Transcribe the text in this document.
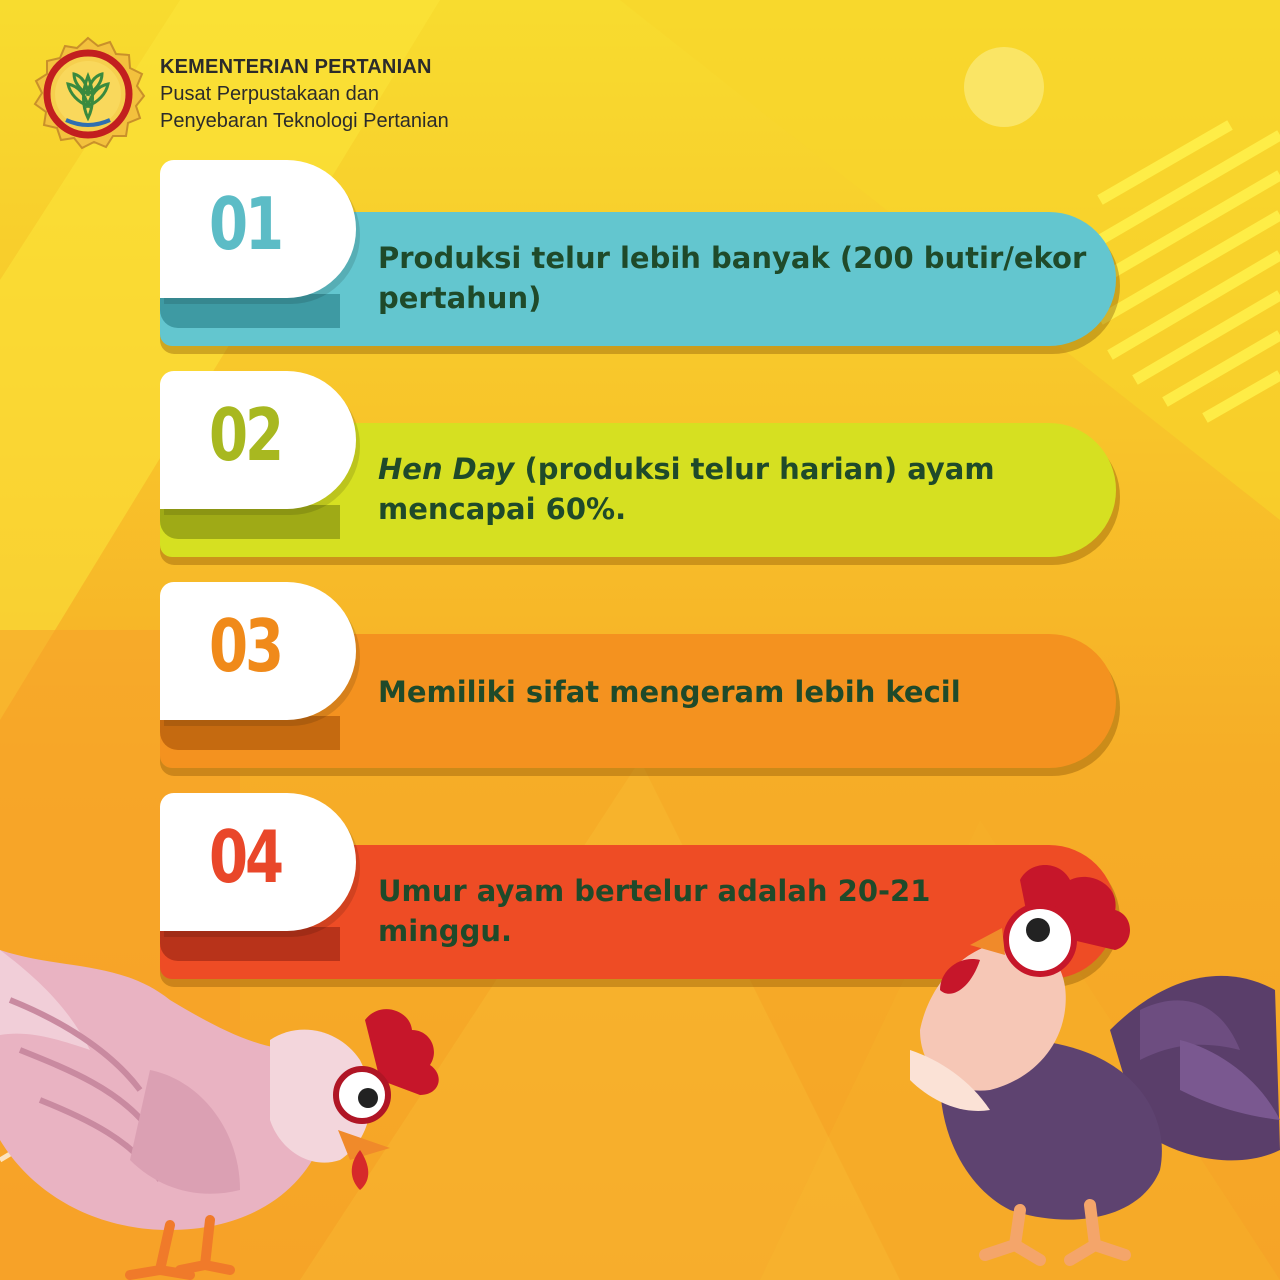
KEMENTERIAN PERTANIAN
Pusat Perpustakaan dan
Penyebaran Teknologi Pertanian
01	Produksi telur lebih banyak (200 butir/ekor pertahun)
02	Hen Day (produksi telur harian) ayam mencapai 60%.
03
Memiliki sifat mengeram lebih kecil
04	Umur ayam bertelur adalah 20-21 minggu.
